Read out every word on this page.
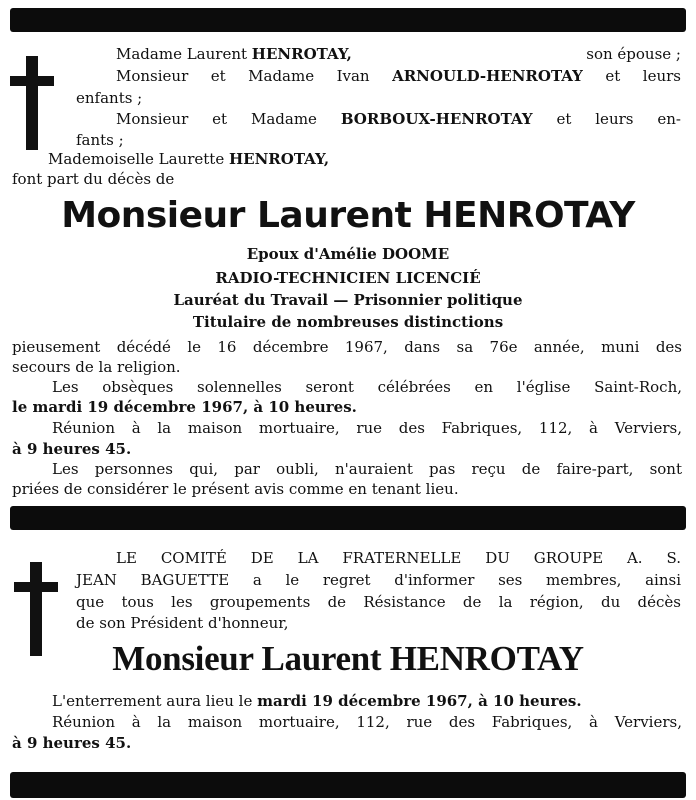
Madame Laurent HENROTAY,	son épouse ;
Monsieur et Madame Ivan ARNOULD-HENROTAY et leurs
enfants ;
Monsieur et Madame BORBOUX-HENROTAY et leurs en-
fants ;
Mademoiselle Laurette HENROTAY,
font part du décès de
Monsieur Laurent HENROTAY
Epoux d'Amélie DOOME
RADIO-TECHNICIEN LICENCIÉ
Lauréat du Travail — Prisonnier politique
Titulaire de nombreuses distinctions
pieusement décédé le 16 décembre 1967, dans sa 76e année, muni des
secours de la religion.
Les obsèques solennelles seront célébrées en l'église Saint-Roch,
le mardi 19 décembre 1967, à 10 heures.
Réunion à la maison mortuaire, rue des Fabriques, 112, à Verviers,
à 9 heures 45.
Les personnes qui, par oubli, n'auraient pas reçu de faire-part, sont
priées de considérer le présent avis comme en tenant lieu.
LE COMITÉ DE LA FRATERNELLE DU GROUPE A. S.
JEAN BAGUETTE a le regret d'informer ses membres, ainsi
que tous les groupements de Résistance de la région, du décès
de son Président d'honneur,
Monsieur Laurent HENROTAY
L'enterrement aura lieu le mardi 19 décembre 1967, à 10 heures.
Réunion à la maison mortuaire, 112, rue des Fabriques, à Verviers,
à 9 heures 45.
